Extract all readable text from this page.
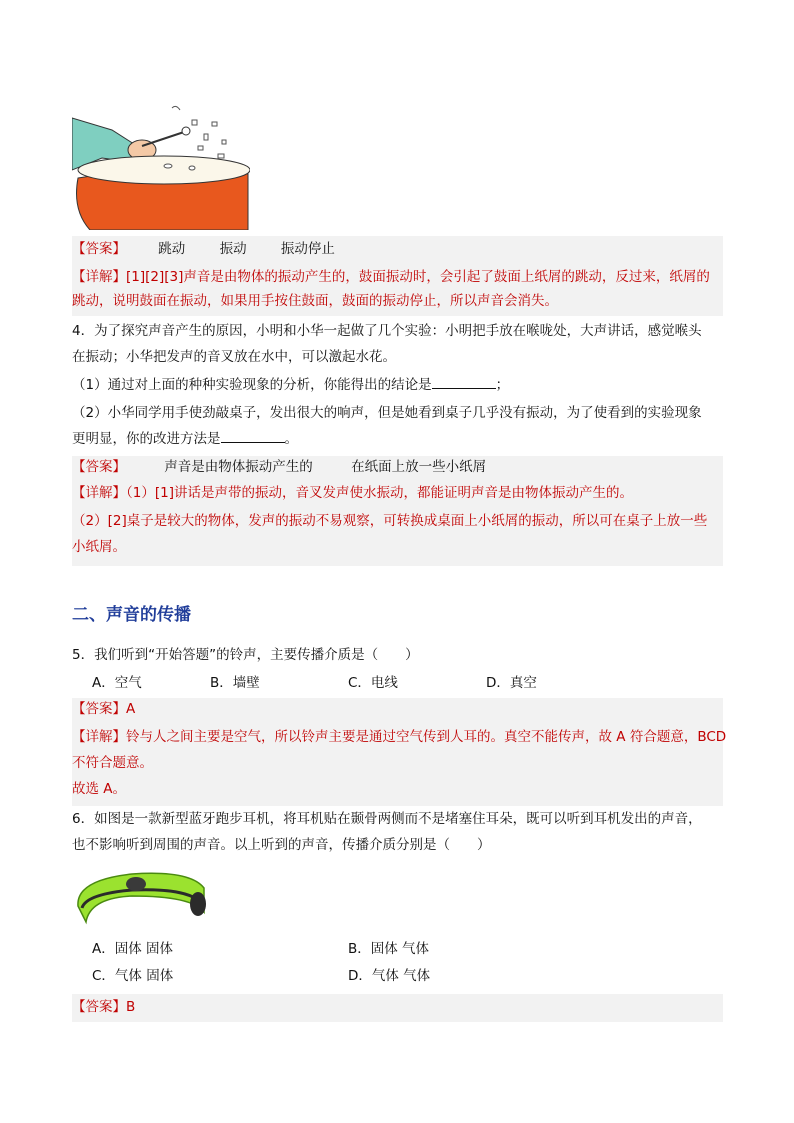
【答案】 跳动	振动	振动停止
【详解】[1][2][3]声音是由物体的振动产生的，鼓面振动时，会引起了鼓面上纸屑的跳动，反过来，纸屑的
跳动，说明鼓面在振动，如果用手按住鼓面，鼓面的振动停止，所以声音会消失。
4．为了探究声音产生的原因，小明和小华一起做了几个实验：小明把手放在喉咙处，大声讲话，感觉喉头
在振动；小华把发声的音叉放在水中，可以激起水花。
（1）通过对上面的种种实验现象的分析，你能得出的结论是	；
（2）小华同学用手使劲敲桌子，发出很大的响声，但是她看到桌子几乎没有振动，为了使看到的实验现象
更明显，你的改进方法是	。
【答案】	声音是由物体振动产生的	在纸面上放一些小纸屑
【详解】（1）[1]讲话是声带的振动，音叉发声使水振动，都能证明声音是由物体振动产生的。
（2）[2]桌子是较大的物体，发声的振动不易观察，可转换成桌面上小纸屑的振动，所以可在桌子上放一些
小纸屑。
二、声音的传播
5．我们听到“开始答题”的铃声，主要传播介质是（　　）
A．空气	B．墙壁	C．电线	D．真空
【答案】A
【详解】铃与人之间主要是空气，所以铃声主要是通过空气传到人耳的。真空不能传声，故 A 符合题意，BCD
不符合题意。
故选 A。
6．如图是一款新型蓝牙跑步耳机，将耳机贴在颞骨两侧而不是堵塞住耳朵，既可以听到耳机发出的声音，
也不影响听到周围的声音。以上听到的声音，传播介质分别是（　　）
A．固体 固体	B．固体 气体
C．气体 固体	D．气体 气体
【答案】B
